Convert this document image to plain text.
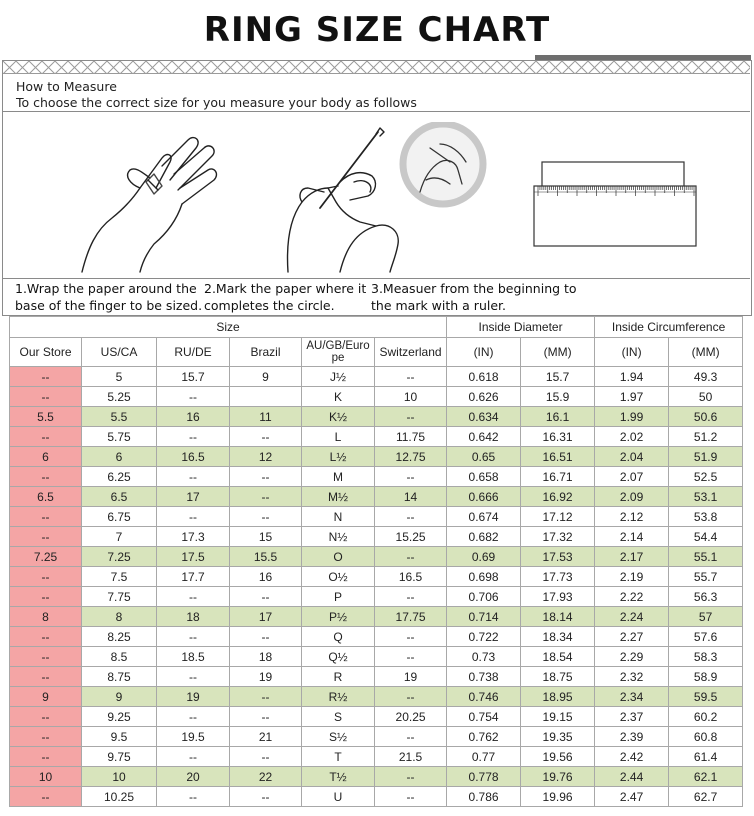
RING SIZE CHART
How to Measure
To choose the correct size for you measure your body as follows
1.Wrap the paper around the
base of the finger to be sized.
2.Mark the paper where it
completes the circle.
3.Measuer from the beginning to
the mark with a ruler.
Size						Inside Diameter		Inside Circumference	
Our Store	US/CA	RU/DE	Brazil	AU/GB/Euro
pe	Switzerland	(IN)	(MM)	(IN)	(MM)
--	5	15.7	9	J½	--	0.618	15.7	1.94	49.3
--	5.25	--		K	10	0.626	15.9	1.97	50
5.5	5.5	16	11	K½	--	0.634	16.1	1.99	50.6
--	5.75	--	--	L	11.75	0.642	16.31	2.02	51.2
6	6	16.5	12	L½	12.75	0.65	16.51	2.04	51.9
--	6.25	--	--	M	--	0.658	16.71	2.07	52.5
6.5	6.5	17	--	M½	14	0.666	16.92	2.09	53.1
--	6.75	--	--	N	--	0.674	17.12	2.12	53.8
--	7	17.3	15	N½	15.25	0.682	17.32	2.14	54.4
7.25	7.25	17.5	15.5	O	--	0.69	17.53	2.17	55.1
--	7.5	17.7	16	O½	16.5	0.698	17.73	2.19	55.7
--	7.75	--	--	P	--	0.706	17.93	2.22	56.3
8	8	18	17	P½	17.75	0.714	18.14	2.24	57
--	8.25	--	--	Q	--	0.722	18.34	2.27	57.6
--	8.5	18.5	18	Q½	--	0.73	18.54	2.29	58.3
--	8.75	--	19	R	19	0.738	18.75	2.32	58.9
9	9	19	--	R½	--	0.746	18.95	2.34	59.5
--	9.25	--	--	S	20.25	0.754	19.15	2.37	60.2
--	9.5	19.5	21	S½	--	0.762	19.35	2.39	60.8
--	9.75	--	--	T	21.5	0.77	19.56	2.42	61.4
10	10	20	22	T½	--	0.778	19.76	2.44	62.1
--	10.25	--	--	U	--	0.786	19.96	2.47	62.7
